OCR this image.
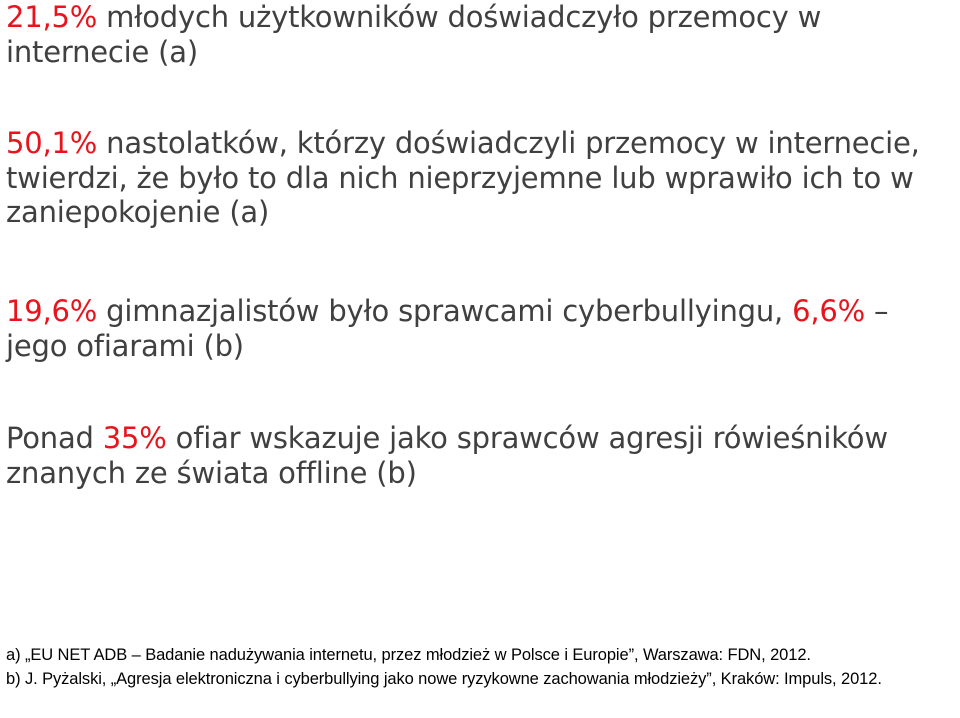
21,5% młodych użytkowników doświadczyło przemocy w internecie (a)
50,1% nastolatków, którzy doświadczyli przemocy w internecie, twierdzi, że było to dla nich nieprzyjemne lub wprawiło ich to w zaniepokojenie (a)
19,6% gimnazjalistów było sprawcami cyberbullyingu, 6,6% – jego ofiarami (b)
Ponad 35% ofiar wskazuje jako sprawców agresji rówieśników znanych ze świata offline (b)
a) „EU NET ADB – Badanie nadużywania internetu, przez młodzież w Polsce i Europie”, Warszawa: FDN, 2012.
b) J. Pyżalski, „Agresja elektroniczna i cyberbullying jako nowe ryzykowne zachowania młodzieży”, Kraków: Impuls, 2012.
